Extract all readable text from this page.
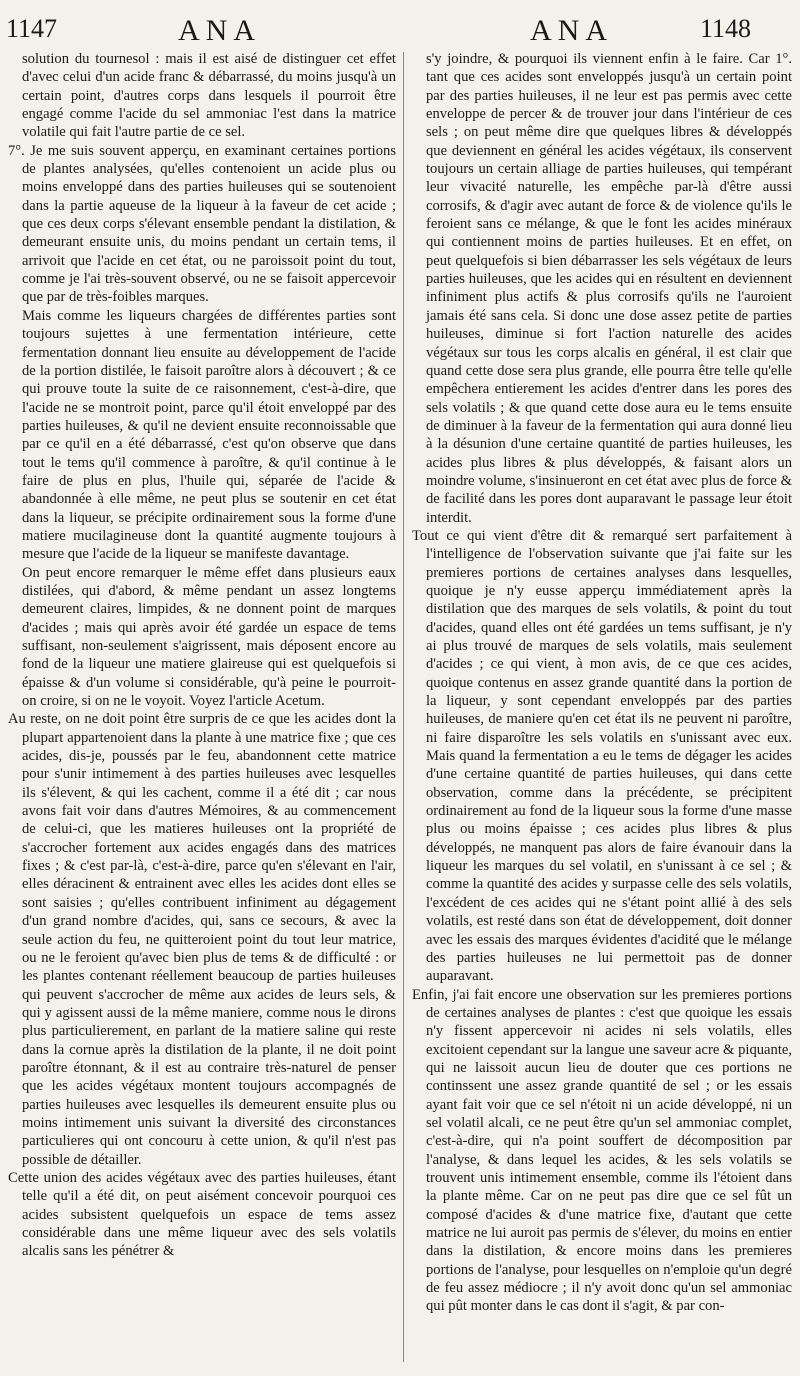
1147	ANA	ANA	1148

solution du tournesol : mais il est aisé de distinguer cet effet d'avec celui d'un acide franc & débarrassé, du moins jusqu'à un certain point, d'autres corps dans lesquels il pourroit être engagé comme l'acide du sel ammoniac l'est dans la matrice volatile qui fait l'autre partie de ce sel.

7°. Je me suis souvent apperçu, en examinant certaines portions de plantes analysées, qu'elles contenoient un acide plus ou moins enveloppé dans des parties huileuses qui se soutenoient dans la partie aqueuse de la liqueur à la faveur de cet acide ; que ces deux corps s'élevant ensemble pendant la distilation, & demeurant ensuite unis, du moins pendant un certain tems, il arrivoit que l'acide en cet état, ou ne paroissoit point du tout, comme je l'ai très-souvent observé, ou ne se faisoit appercevoir que par de très-foibles marques.

Mais comme les liqueurs chargées de différentes parties sont toujours sujettes à une fermentation intérieure, cette fermentation donnant lieu ensuite au développement de l'acide de la portion distilée, le faisoit paroître alors à découvert ; & ce qui prouve toute la suite de ce raisonnement, c'est-à-dire, que l'acide ne se montroit point, parce qu'il étoit enveloppé par des parties huileuses, & qu'il ne devient ensuite reconnoissable que par ce qu'il en a été débarrassé, c'est qu'on observe que dans tout le tems qu'il commence à paroître, & qu'il continue à le faire de plus en plus, l'huile qui, séparée de l'acide & abandonnée à elle même, ne peut plus se soutenir en cet état dans la liqueur, se précipite ordinairement sous la forme d'une matiere mucilagineuse dont la quantité augmente toujours à mesure que l'acide de la liqueur se manifeste davantage.

On peut encore remarquer le même effet dans plusieurs eaux distilées, qui d'abord, & même pendant un assez longtems demeurent claires, limpides, & ne donnent point de marques d'acides ; mais qui après avoir été gardée un espace de tems suffisant, non-seulement s'aigrissent, mais déposent encore au fond de la liqueur une matiere glaireuse qui est quelquefois si épaisse & d'un volume si considérable, qu'à peine le pourroit-on croire, si on ne le voyoit. Voyez l'article Acetum.

Au reste, on ne doit point être surpris de ce que les acides dont la plupart appartenoient dans la plante à une matrice fixe ; que ces acides, dis-je, poussés par le feu, abandonnent cette matrice pour s'unir intimement à des parties huileuses avec lesquelles ils s'élevent, & qui les cachent, comme il a été dit ; car nous avons fait voir dans d'autres Mémoires, & au commencement de celui-ci, que les matieres huileuses ont la propriété de s'accrocher fortement aux acides engagés dans des matrices fixes ; & c'est par-là, c'est-à-dire, parce qu'en s'élevant en l'air, elles déracinent & entrainent avec elles les acides dont elles se sont saisies ; qu'elles contribuent infiniment au dégagement d'un grand nombre d'acides, qui, sans ce secours, & avec la seule action du feu, ne quitteroient point du tout leur matrice, ou ne le feroient qu'avec bien plus de tems & de difficulté : or les plantes contenant réellement beaucoup de parties huileuses qui peuvent s'accrocher de même aux acides de leurs sels, & qui y agissent aussi de la même maniere, comme nous le dirons plus particulierement, en parlant de la matiere saline qui reste dans la cornue après la distilation de la plante, il ne doit point paroître étonnant, & il est au contraire très-naturel de penser que les acides végétaux montent toujours accompagnés de parties huileuses avec lesquelles ils demeurent ensuite plus ou moins intimement unis suivant la diversité des circonstances particulieres qui ont concouru à cette union, & qu'il n'est pas possible de détailler.

Cette union des acides végétaux avec des parties huileuses, étant telle qu'il a été dit, on peut aisément concevoir pourquoi ces acides subsistent quelquefois un espace de tems assez considérable dans une même liqueur avec des sels volatils alcalis sans les pénétrer &

s'y joindre, & pourquoi ils viennent enfin à le faire. Car 1°. tant que ces acides sont enveloppés jusqu'à un certain point par des parties huileuses, il ne leur est pas permis avec cette enveloppe de percer & de trouver jour dans l'intérieur de ces sels ; on peut même dire que quelques libres & développés que deviennent en général les acides végétaux, ils conservent toujours un certain alliage de parties huileuses, qui tempérant leur vivacité naturelle, les empêche par-là d'être aussi corrosifs, & d'agir avec autant de force & de violence qu'ils le feroient sans ce mélange, & que le font les acides minéraux qui contiennent moins de parties huileuses. Et en effet, on peut quelquefois si bien débarrasser les sels végétaux de leurs parties huileuses, que les acides qui en résultent en deviennent infiniment plus actifs & plus corrosifs qu'ils ne l'auroient jamais été sans cela. Si donc une dose assez petite de parties huileuses, diminue si fort l'action naturelle des acides végétaux sur tous les corps alcalis en général, il est clair que quand cette dose sera plus grande, elle pourra être telle qu'elle empêchera entierement les acides d'entrer dans les pores des sels volatils ; & que quand cette dose aura eu le tems ensuite de diminuer à la faveur de la fermentation qui aura donné lieu à la désunion d'une certaine quantité de parties huileuses, les acides plus libres & plus développés, & faisant alors un moindre volume, s'insinueront en cet état avec plus de force & de facilité dans les pores dont auparavant le passage leur étoit interdit.

Tout ce qui vient d'être dit & remarqué sert parfaitement à l'intelligence de l'observation suivante que j'ai faite sur les premieres portions de certaines analyses dans lesquelles, quoique je n'y eusse apperçu immédiatement après la distilation que des marques de sels volatils, & point du tout d'acides, quand elles ont été gardées un tems suffisant, je n'y ai plus trouvé de marques de sels volatils, mais seulement d'acides ; ce qui vient, à mon avis, de ce que ces acides, quoique contenus en assez grande quantité dans la portion de la liqueur, y sont cependant enveloppés par des parties huileuses, de maniere qu'en cet état ils ne peuvent ni paroître, ni faire disparoître les sels volatils en s'unissant avec eux. Mais quand la fermentation a eu le tems de dégager les acides d'une certaine quantité de parties huileuses, qui dans cette observation, comme dans la précédente, se précipitent ordinairement au fond de la liqueur sous la forme d'une masse plus ou moins épaisse ; ces acides plus libres & plus développés, ne manquent pas alors de faire évanouir dans la liqueur les marques du sel volatil, en s'unissant à ce sel ; & comme la quantité des acides y surpasse celle des sels volatils, l'excédent de ces acides qui ne s'étant point allié à des sels volatils, est resté dans son état de développement, doit donner avec les essais des marques évidentes d'acidité que le mélange des parties huileuses ne lui permettoit pas de donner auparavant.

Enfin, j'ai fait encore une observation sur les premieres portions de certaines analyses de plantes : c'est que quoique les essais n'y fissent appercevoir ni acides ni sels volatils, elles excitoient cependant sur la langue une saveur acre & piquante, qui ne laissoit aucun lieu de douter que ces portions ne continssent une assez grande quantité de sel ; or les essais ayant fait voir que ce sel n'étoit ni un acide développé, ni un sel volatil alcali, ce ne peut être qu'un sel ammoniac complet, c'est-à-dire, qui n'a point souffert de décomposition par l'analyse, & dans lequel les acides, & les sels volatils se trouvent unis intimement ensemble, comme ils l'étoient dans la plante même. Car on ne peut pas dire que ce sel fût un composé d'acides & d'une matrice fixe, d'autant que cette matrice ne lui auroit pas permis de s'élever, du moins en entier dans la distilation, & encore moins dans les premieres portions de l'analyse, pour lesquelles on n'emploie qu'un degré de feu assez médiocre ; il n'y avoit donc qu'un sel ammoniac qui pût monter dans le cas dont il s'agit, & par con-
